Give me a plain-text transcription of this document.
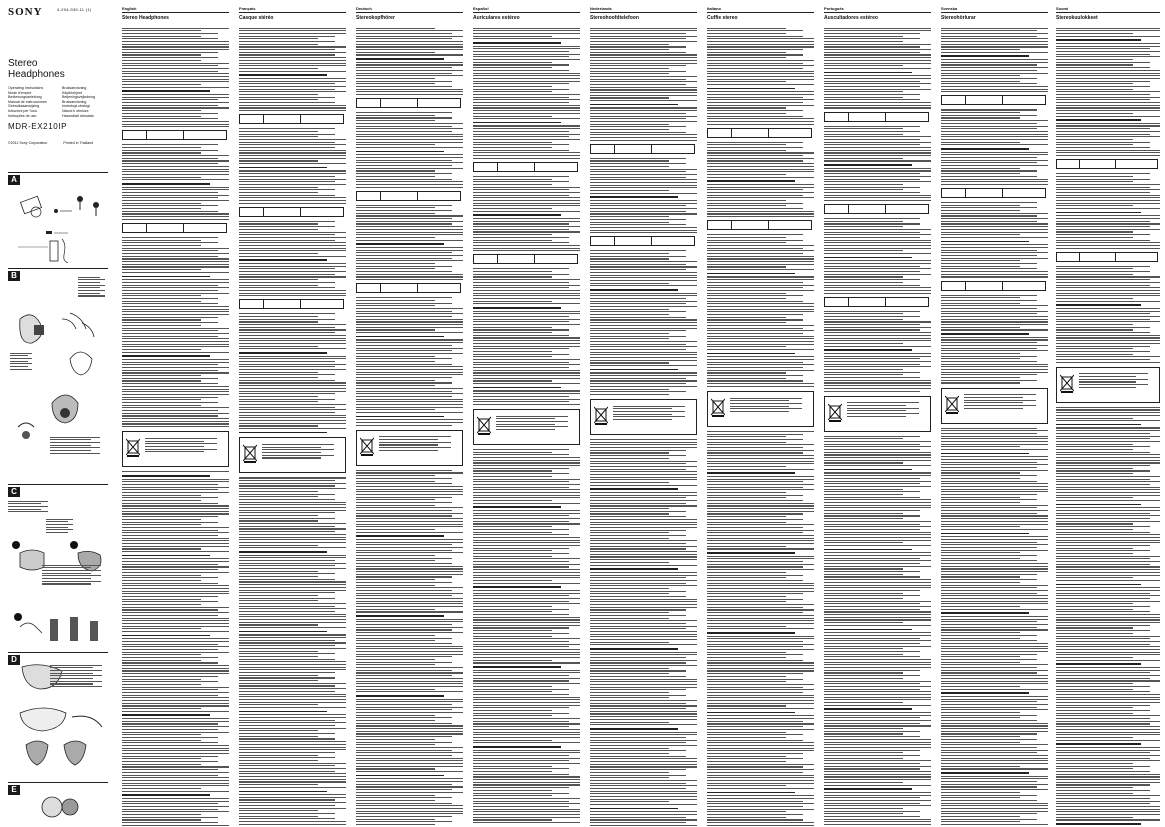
SONY	4-294-939-11 (1)
Stereo
Headphones
Operating Instructions
Mode d'emploi
Bedienungsanleitung
Manual de instrucciones
Gebruiksaanwijzing
Istruzioni per l'uso
Instruções de uso
Bruksanvisning
Käyttöohjeet
Betjeningsvejledning
Bruksanvisning
Instrukcja obsługi
Návod k obsluze
Használati útmutató
MDR-EX210IP
©2011 Sony Corporation	Printed in Thailand
A
B
C
D
E
English
Stereo Headphones
Français
Casque stéréo
Deutsch
Stereokopfhörer
Español
Auriculares estéreo
Nederlands
Stereohoofdtelefoon
Italiano
Cuffie stereo
Português
Auscultadores estéreo
Svenska
Stereohörlurar
Suomi
Stereokuulokkeet
